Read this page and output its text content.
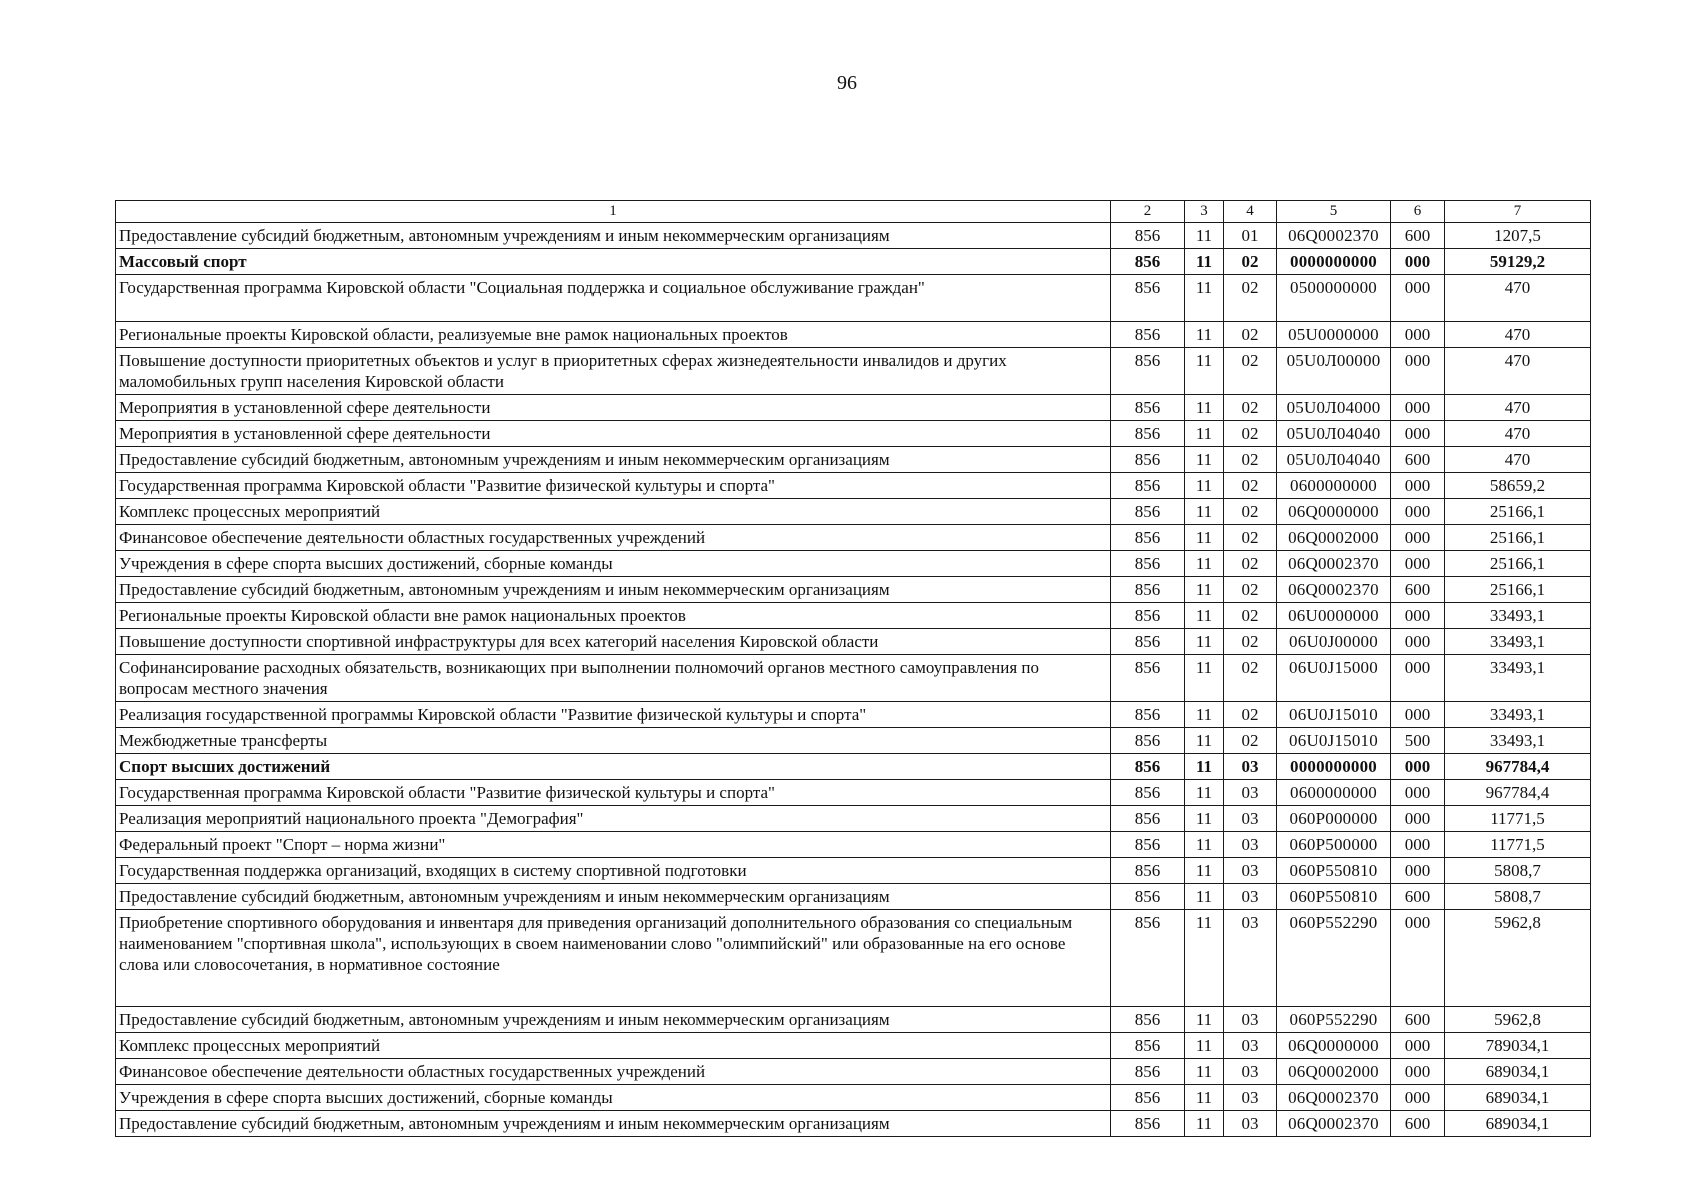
96
1	2	3	4	5	6	7
Предоставление субсидий бюджетным, автономным учреждениям и иным некоммерческим организациям	856	11	01	06Q0002370	600	1207,5
Массовый спорт	856	11	02	0000000000	000	59129,2
Государственная программа Кировской области "Социальная поддержка и социальное обслуживание граждан"	856	11	02	0500000000	000	470
Региональные проекты Кировской области, реализуемые вне рамок национальных проектов	856	11	02	05U0000000	000	470
Повышение доступности приоритетных объектов и услуг в приоритетных сферах жизнедеятельности инвалидов и других маломобильных групп населения Кировской области	856	11	02	05U0Л00000	000	470
Мероприятия в установленной сфере деятельности	856	11	02	05U0Л04000	000	470
Мероприятия в установленной сфере деятельности	856	11	02	05U0Л04040	000	470
Предоставление субсидий бюджетным, автономным учреждениям и иным некоммерческим организациям	856	11	02	05U0Л04040	600	470
Государственная программа Кировской области "Развитие физической культуры и спорта"	856	11	02	0600000000	000	58659,2
Комплекс процессных мероприятий	856	11	02	06Q0000000	000	25166,1
Финансовое обеспечение деятельности областных государственных учреждений	856	11	02	06Q0002000	000	25166,1
Учреждения в сфере спорта высших достижений, сборные команды	856	11	02	06Q0002370	000	25166,1
Предоставление субсидий бюджетным, автономным учреждениям и иным некоммерческим организациям	856	11	02	06Q0002370	600	25166,1
Региональные проекты Кировской области вне рамок национальных проектов	856	11	02	06U0000000	000	33493,1
Повышение доступности спортивной инфраструктуры для всех категорий населения Кировской области	856	11	02	06U0J00000	000	33493,1
Софинансирование расходных обязательств, возникающих при выполнении полномочий органов местного самоуправления по вопросам местного значения	856	11	02	06U0J15000	000	33493,1
Реализация государственной программы Кировской области "Развитие физической культуры и спорта"	856	11	02	06U0J15010	000	33493,1
Межбюджетные трансферты	856	11	02	06U0J15010	500	33493,1
Спорт высших достижений	856	11	03	0000000000	000	967784,4
Государственная программа Кировской области "Развитие физической культуры и спорта"	856	11	03	0600000000	000	967784,4
Реализация мероприятий национального проекта "Демография"	856	11	03	060P000000	000	11771,5
Федеральный проект "Спорт – норма жизни"	856	11	03	060P500000	000	11771,5
Государственная поддержка организаций, входящих в систему спортивной подготовки	856	11	03	060P550810	000	5808,7
Предоставление субсидий бюджетным, автономным учреждениям и иным некоммерческим организациям	856	11	03	060P550810	600	5808,7
Приобретение спортивного оборудования и инвентаря для приведения организаций дополнительного образования со специальным наименованием "спортивная школа", использующих в своем наименовании слово "олимпийский" или образованные на его основе слова или словосочетания, в нормативное состояние	856	11	03	060P552290	000	5962,8
Предоставление субсидий бюджетным, автономным учреждениям и иным некоммерческим организациям	856	11	03	060P552290	600	5962,8
Комплекс процессных мероприятий	856	11	03	06Q0000000	000	789034,1
Финансовое обеспечение деятельности областных государственных учреждений	856	11	03	06Q0002000	000	689034,1
Учреждения в сфере спорта высших достижений, сборные команды	856	11	03	06Q0002370	000	689034,1
Предоставление субсидий бюджетным, автономным учреждениям и иным некоммерческим организациям	856	11	03	06Q0002370	600	689034,1
